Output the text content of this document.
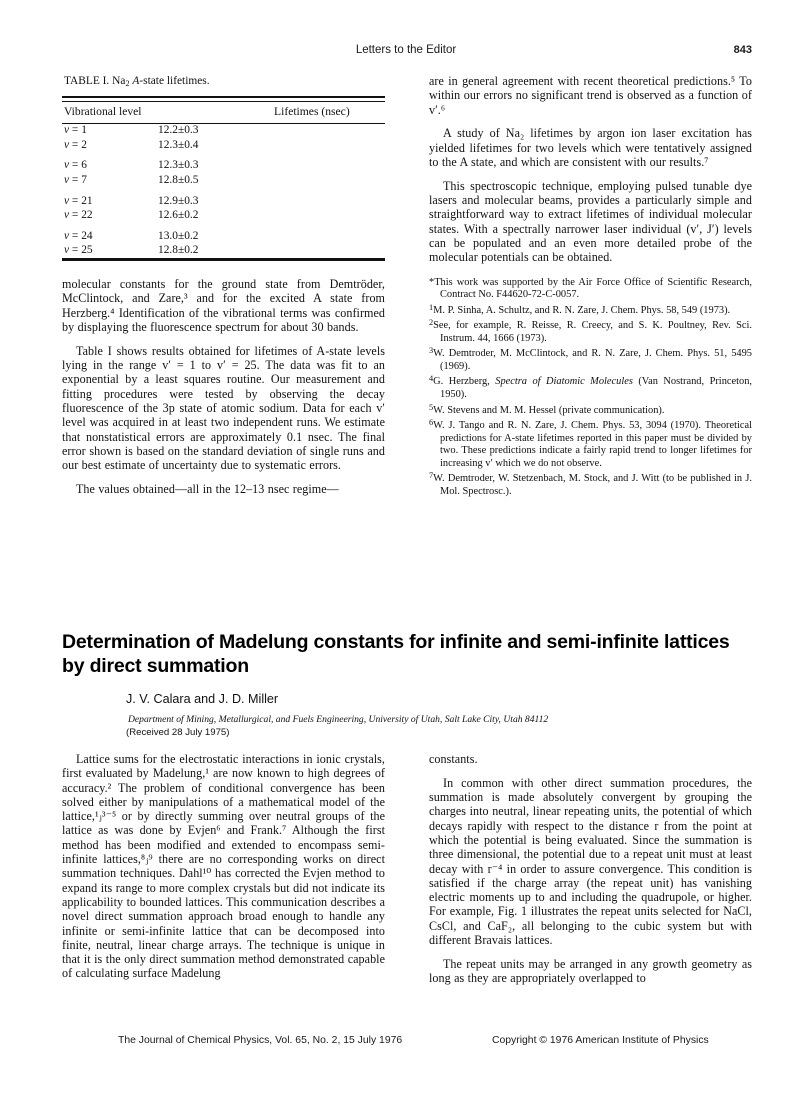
Letters to the Editor	843
TABLE I. $Na_2$ A-state lifetimes.

Vibrational level	Lifetimes (nsec)

v = 1	12.2±0.3
v = 2	12.3±0.4

v = 6	12.3±0.3
v = 7	12.8±0.5

v = 21	12.9±0.3
v = 22	12.6±0.2

v = 24	13.0±0.2
v = 25	12.8±0.2

molecular constants for the ground state from Demtröder, McClintock, and Zare,³ and for the excited A state from Herzberg.⁴ Identification of the vibrational terms was confirmed by displaying the fluorescence spectrum for about 30 bands.

Table I shows results obtained for lifetimes of A-state levels lying in the range v′ = 1 to v′ = 25. The data was fit to an exponential by a least squares routine. Our measurement and fitting procedures were tested by observing the decay fluorescence of the 3p state of atomic sodium. Data for each v′ level was acquired in at least two independent runs. We estimate that nonstatistical errors are approximately 0.1 nsec. The final error shown is based on the standard deviation of single runs and our best estimate of uncertainty due to systematic errors.

The values obtained—all in the 12–13 nsec regime—

are in general agreement with recent theoretical predictions.⁵ To within our errors no significant trend is observed as a function of v′.⁶

A study of Na₂ lifetimes by argon ion laser excitation has yielded lifetimes for two levels which were tentatively assigned to the A state, and which are consistent with our results.⁷

This spectroscopic technique, employing pulsed tunable dye lasers and molecular beams, provides a particularly simple and straightforward way to extract lifetimes of individual molecular states. With a spectrally narrower laser individual (v′, J′) levels can be populated and an even more detailed probe of the molecular potentials can be obtained.

*This work was supported by the Air Force Office of Scientific Research, Contract No. F44620-72-C-0057.

$^1$M. P. Sinha, A. Schultz, and R. N. Zare, J. Chem. Phys. 58, 549 (1973).

$^2$See, for example, R. Reisse, R. Creecy, and S. K. Poultney, Rev. Sci. Instrum. 44, 1666 (1973).

$^3$W. Demtroder, M. McClintock, and R. N. Zare, J. Chem. Phys. 51, 5495 (1969).

$^4$G. Herzberg, Spectra of Diatomic Molecules (Van Nostrand, Princeton, 1950).

$^5$W. Stevens and M. M. Hessel (private communication).

$^6$W. J. Tango and R. N. Zare, J. Chem. Phys. 53, 3094 (1970). Theoretical predictions for A-state lifetimes reported in this paper must be divided by two. These predictions indicate a fairly rapid trend to longer lifetimes for increasing v′ which we do not observe.

$^7$W. Demtroder, W. Stetzenbach, M. Stock, and J. Witt (to be published in J. Mol. Spectrosc.).

Determination of Madelung constants for infinite and semi-infinite lattices by direct summation
J. V. Calara and J. D. Miller
Department of Mining, Metallurgical, and Fuels Engineering, University of Utah, Salt Lake City, Utah 84112
(Received 28 July 1975)

Lattice sums for the electrostatic interactions in ionic crystals, first evaluated by Madelung,¹ are now known to high degrees of accuracy.² The problem of conditional convergence has been solved either by manipulations of a mathematical model of the lattice,¹ⱼ³⁻⁵ or by directly summing over neutral groups of the lattice as was done by Evjen⁶ and Frank.⁷ Although the first method has been modified and extended to encompass semi-infinite lattices,⁸ⱼ⁹ there are no corresponding works on direct summation techniques. Dahl¹⁰ has corrected the Evjen method to expand its range to more complex crystals but did not indicate its applicability to bounded lattices. This communication describes a novel direct summation approach broad enough to handle any infinite or semi-infinite lattice that can be decomposed into finite, neutral, linear charge arrays. The technique is unique in that it is the only direct summation method demonstrated capable of calculating surface Madelung

constants.

In common with other direct summation procedures, the summation is made absolutely convergent by grouping the charges into neutral, linear repeating units, the potential of which decays rapidly with respect to the distance r from the point at which the potential is being evaluated. Since the summation is three dimensional, the potential due to a repeat unit must at least decay with r⁻⁴ in order to assure convergence. This condition is satisfied if the charge array (the repeat unit) has vanishing electric moments up to and including the quadrupole, or higher. For example, Fig. 1 illustrates the repeat units selected for NaCl, CsCl, and CaF₂, all belonging to the cubic system but with different Bravais lattices.

The repeat units may be arranged in any growth geometry as long as they are appropriately overlapped to

The Journal of Chemical Physics, Vol. 65, No. 2, 15 July 1976	Copyright © 1976 American Institute of Physics
